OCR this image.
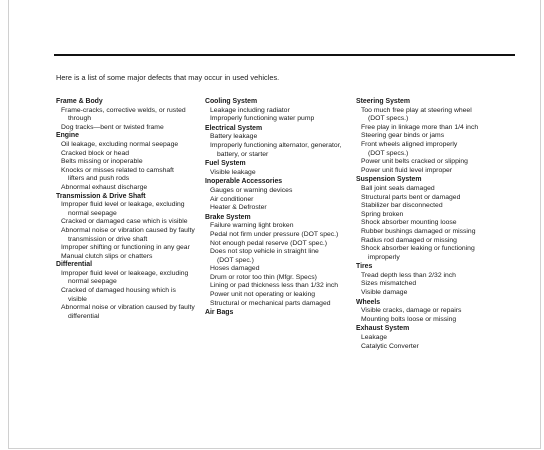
Here is a list of some major defects that may occur in used vehicles.
Frame & Body
Frame-cracks, corrective welds, or rusted
through
Dog tracks—bent or twisted frame
Engine
Oil leakage, excluding normal seepage
Cracked block or head
Belts missing or inoperable
Knocks or misses related to camshaft
lifters and push rods
Abnormal exhaust discharge
Transmission & Drive Shaft
Improper fluid level or leakage, excluding
normal seepage
Cracked or damaged case which is visible
Abnormal noise or vibration caused by faulty
transmission or drive shaft
Improper shifting or functioning in any gear
Manual clutch slips or chatters
Differential
Improper fluid level or leakeage, excluding
normal seepage
Cracked of damaged housing which is
visible
Abnormal noise or vibration caused by faulty
differential
Cooling System
Leakage including radiator
Improperly functioning water pump
Electrical System
Battery leakage
Improperly functioning alternator, generator,
battery, or starter
Fuel System
Visible leakage
Inoperable Accessories
Gauges or warning devices
Air conditioner
Heater & Defroster
Brake System
Failure warning light broken
Pedal not firm under pressure (DOT spec.)
Not enough pedal reserve (DOT spec.)
Does not stop vehicle in straight line
(DOT spec.)
Hoses damaged
Drum or rotor too thin (Mfgr. Specs)
Lining or pad thickness less than 1/32 inch
Power unit not operating or leaking
Structural or mechanical parts damaged
Air Bags
Steering System
Too much free play at steering wheel
(DOT specs.)
Free play in linkage more than 1/4 inch
Steering gear binds or jams
Front wheels aligned improperly
(DOT specs.)
Power unit belts cracked or slipping
Power unit fluid level improper
Suspension System
Ball joint seals damaged
Structural parts bent or damaged
Stabilizer bar disconnected
Spring broken
Shock absorber mounting loose
Rubber bushings damaged or missing
Radius rod damaged or missing
Shock absorber leaking or functioning
improperly
Tires
Tread depth less than 2/32 inch
Sizes mismatched
Visible damage
Wheels
Visible cracks, damage or repairs
Mounting bolts loose or missing
Exhaust System
Leakage
Catalytic Converter
